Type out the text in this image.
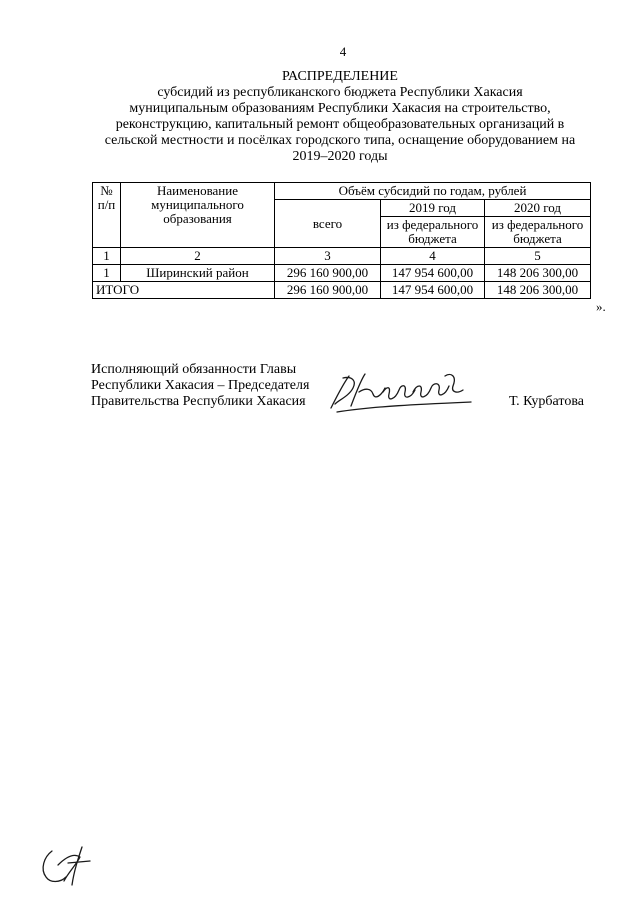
4
РАСПРЕДЕЛЕНИЕ
субсидий из республиканского бюджета Республики Хакасия
муниципальным образованиям Республики Хакасия на строительство,
реконструкцию, капитальный ремонт общеобразовательных организаций в
сельской местности и посёлках городского типа, оснащение оборудованием на
2019–2020 годы
№ п/п	Наименование муниципального образования	Объём субсидий по годам, рублей		
		всего	2019 год	2020 год
			из федерального бюджета	из федерального бюджета
1	2	3	4	5
1	Ширинский район	296 160 900,00	147 954 600,00	148 206 300,00
ИТОГО		296 160 900,00	147 954 600,00	148 206 300,00
».
Исполняющий обязанности Главы
Республики Хакасия – Председателя
Правительства Республики Хакасия	Т. Курбатова
